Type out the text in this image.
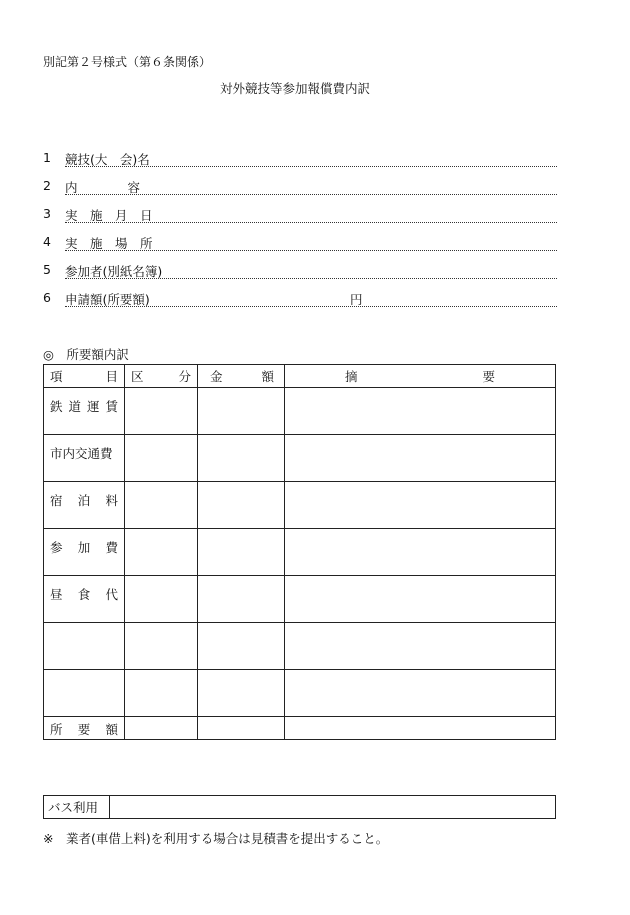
別記第２号様式（第６条関係）
対外競技等参加報償費内訳
1 競技(大　会)名
2 内　　　　容
3 実　施　月　日
4 実　施　場　所
5 参加者(別紙名簿)
6 申請額(所要額)	円
◎　所要額内訳
項 目	区 分	金 額	摘 要

鉄 道 運 賃			

市内交通費			

宿 泊 料			

参 加 費			

昼 食 代			

所 要 額			

バス利用	
※　業者(車借上料)を利用する場合は見積書を提出すること。
